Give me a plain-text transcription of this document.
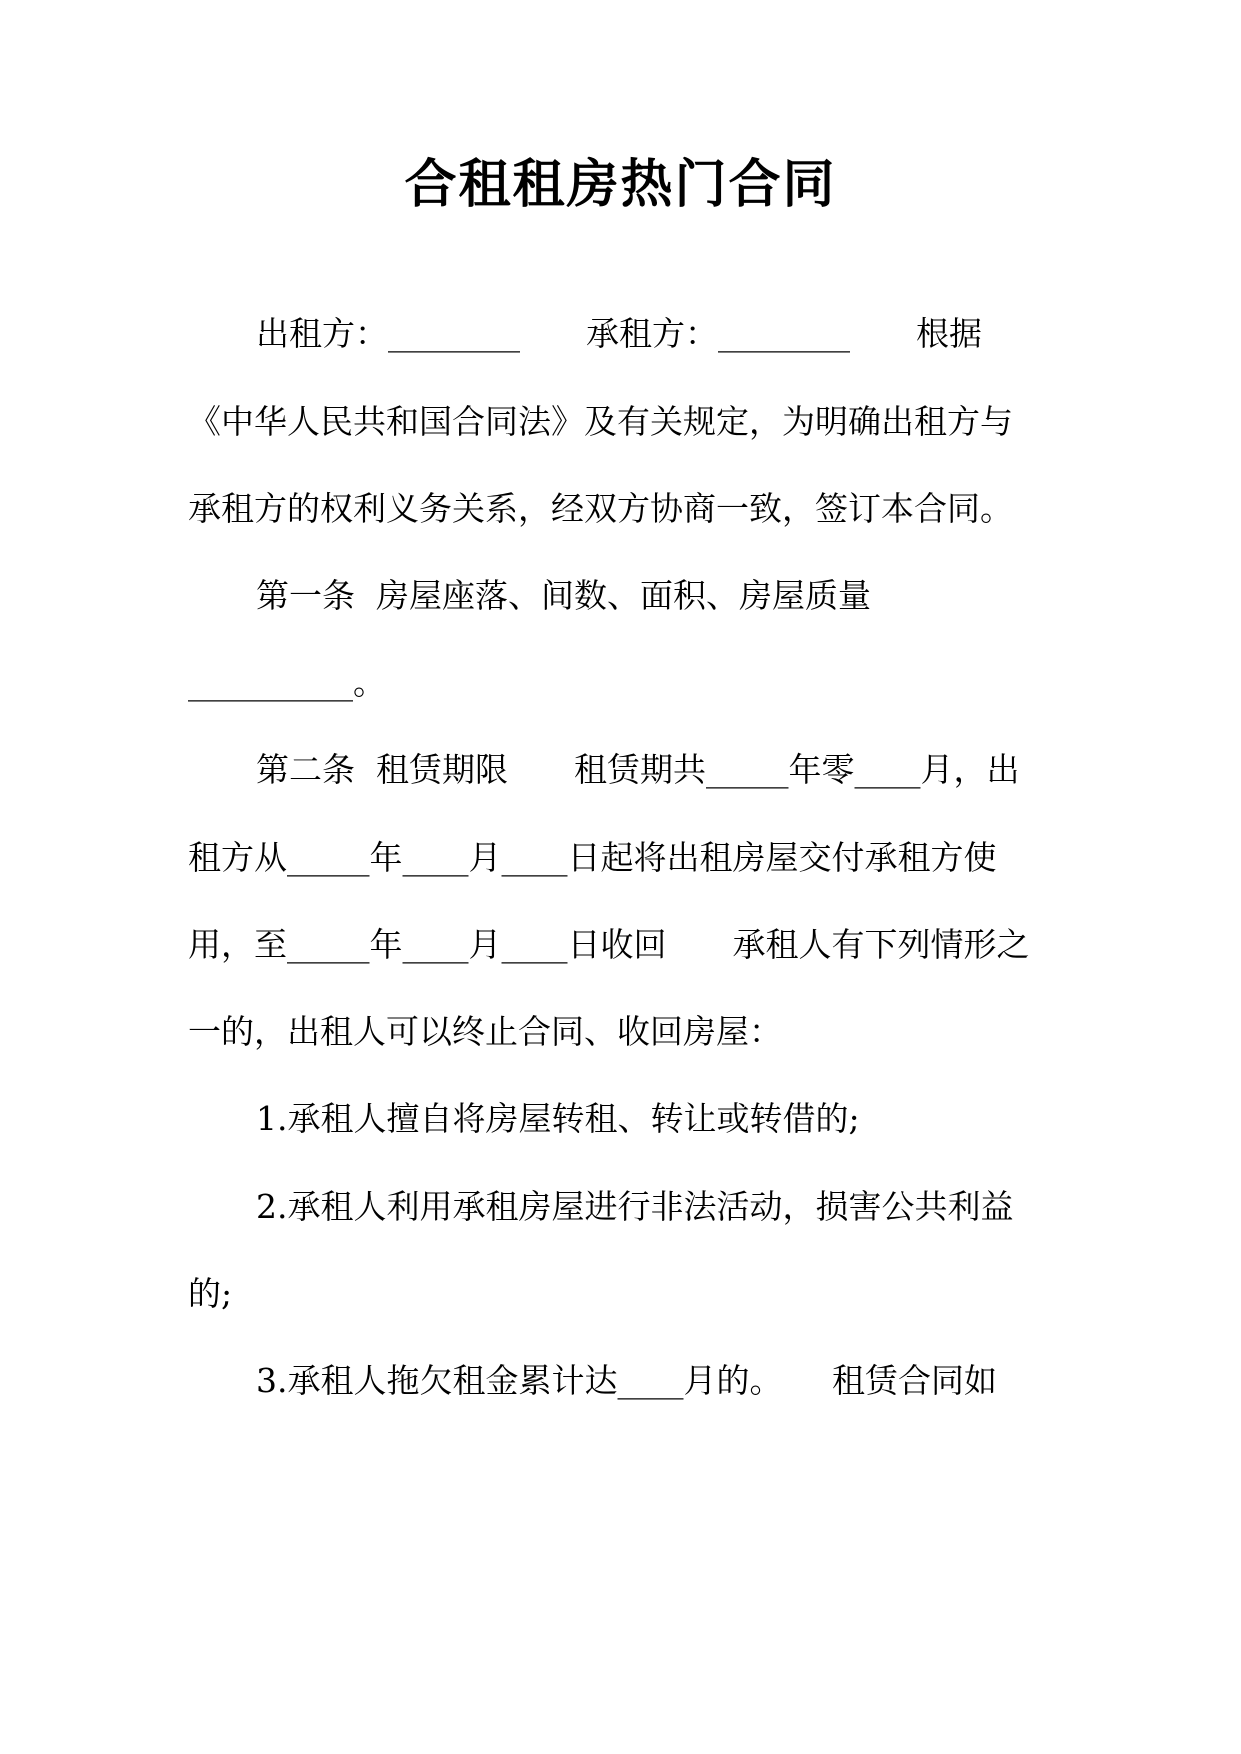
合租租房热门合同
出租方：________　　承租方：________　　根据
《中华人民共和国合同法》及有关规定，为明确出租方与
承租方的权利义务关系，经双方协商一致，签订本合同。
第一条  房屋座落、间数、面积、房屋质量
__________。
第二条  租赁期限　　租赁期共_____年零____月，出
租方从_____年____月____日起将出租房屋交付承租方使
用，至_____年____月____日收回　　承租人有下列情形之
一的，出租人可以终止合同、收回房屋：
1.承租人擅自将房屋转租、转让或转借的;
2.承租人利用承租房屋进行非法活动，损害公共利益
的;
3.承租人拖欠租金累计达____月的。　　租赁合同如
